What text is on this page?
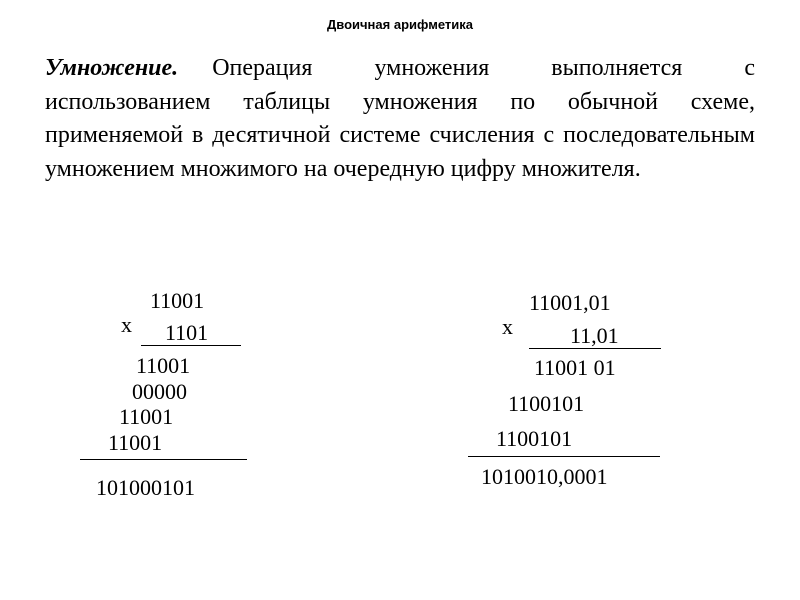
Двоичная арифметика
Умножение. Операция умножения выполняется с использованием таблицы умножения по обычной схеме, применяемой в десятичной системе счисления с последовательным умножением множимого на очередную цифру множителя.
11001
x 1101
11001
00000
11001
11001
101000101
11001,01
x	11,01
11001 01
1100101
1100101
1010010,0001
